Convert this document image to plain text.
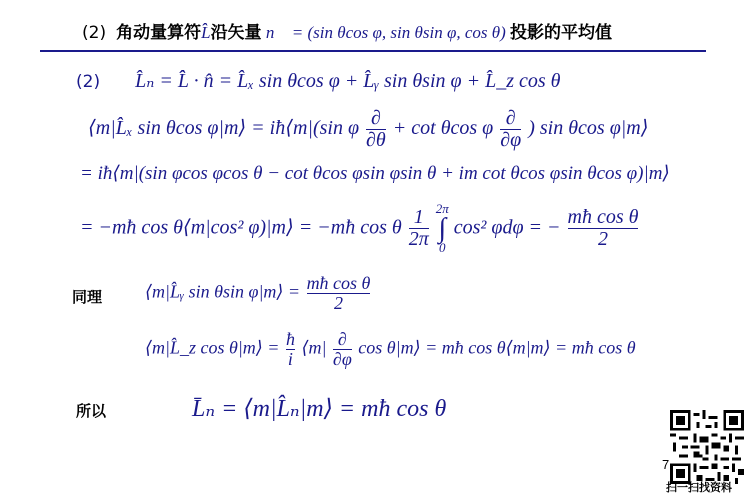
(2) 角动量算符L̂̂沿矢量 n⃗ = (sin θcos φ, sin θsin φ, cos θ) 投影的平均值
(2) L̂ₙ = L̂̂ · n̂ = L̂ₓ sin θcos φ + L̂ᵧ sin θsin φ + L̂_z cos θ
⟨m|L̂ₓ sin θcos φ|m⟩ = iħ⟨m|(sin φ $\frac{\partial}{\partial\theta} + \cot \theta\cos$ φ $\frac{\partial}{\partial\varphi}$ ) sin θcos φ|m⟩
= iħ⟨m|(sin φcos φcos θ − cot θcos φsin φsin θ + im cot θcos φsin θcos φ)|m⟩
= −mħ cos θ⟨m|cos² φ)|m⟩ = −mħ cos θ $\frac{1}{2\pi}$
2π
∫
0
cos² φdφ = − $\frac{\text{mħ cos θ}}{2}$
同理 ⟨m|L̂ᵧ sin θsin φ|m⟩ = $\frac{\text{mħ cos θ}}{2}$
⟨m|L̂_z cos θ|m⟩ = $\frac{ħ}{i}$ ⟨m| $\frac{\partial}{\partial\varphi}$ cos θ|m⟩ = mħ cos θ⟨m|m⟩ = mħ cos θ
所以	L̄ₙ = ⟨m|L̂ₙ|m⟩ = mħ cos θ
7
扫一扫找资料
